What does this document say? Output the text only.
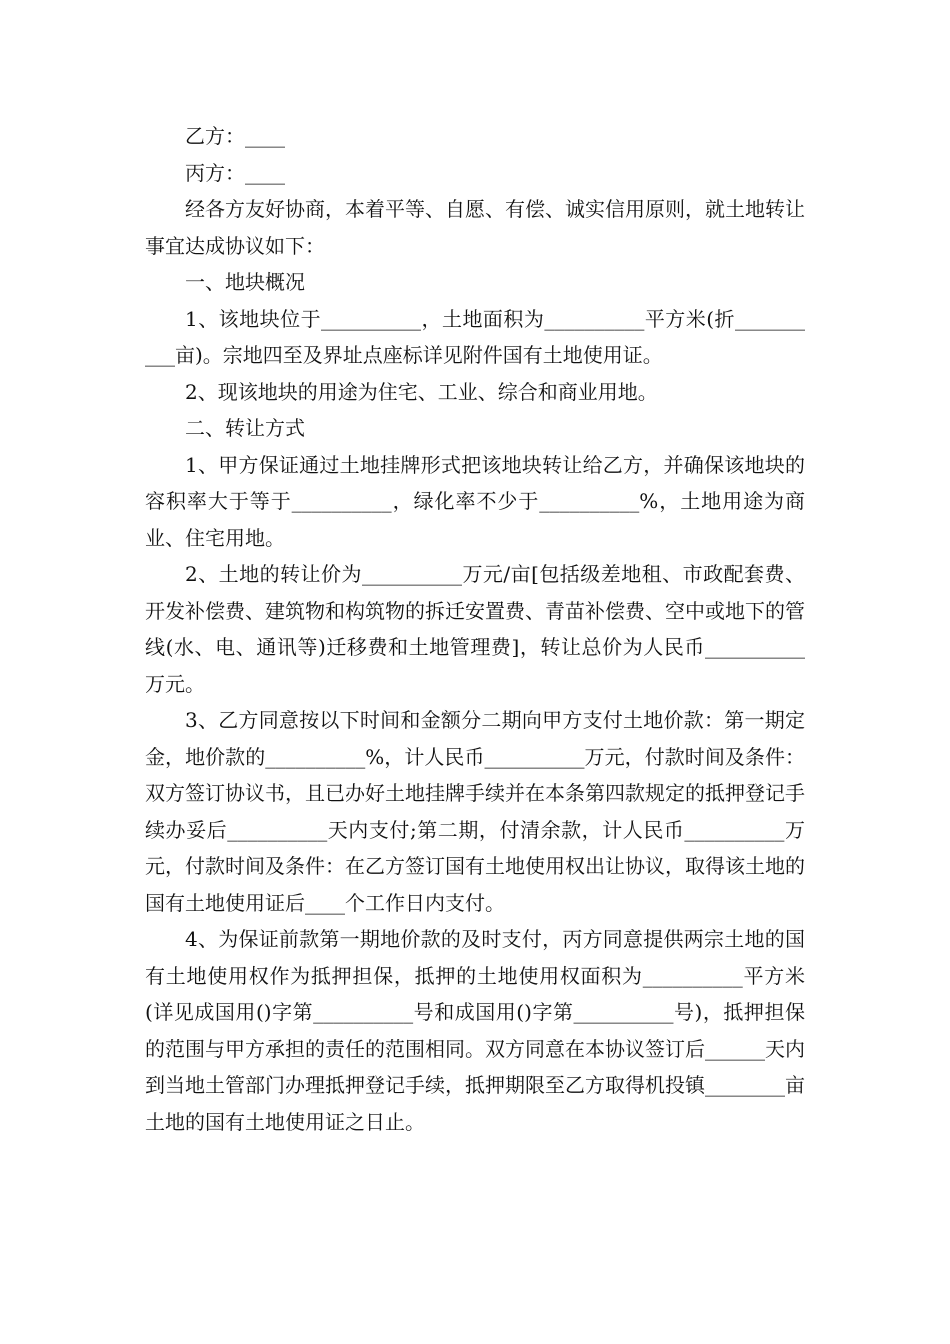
乙方：____

丙方：____

经各方友好协商，本着平等、自愿、有偿、诚实信用原则，就土地转让事宜达成协议如下：

一、地块概况

1、该地块位于__________，土地面积为__________平方米(折__________亩)。宗地四至及界址点座标详见附件国有土地使用证。

2、现该地块的用途为住宅、工业、综合和商业用地。

二、转让方式

1、甲方保证通过土地挂牌形式把该地块转让给乙方，并确保该地块的容积率大于等于__________，绿化率不少于__________%，土地用途为商业、住宅用地。

2、土地的转让价为__________万元/亩[包括级差地租、市政配套费、开发补偿费、建筑物和构筑物的拆迁安置费、青苗补偿费、空中或地下的管线(水、电、通讯等)迁移费和土地管理费]，转让总价为人民币__________万元。

3、乙方同意按以下时间和金额分二期向甲方支付土地价款：第一期定金，地价款的__________%，计人民币__________万元，付款时间及条件：双方签订协议书，且已办好土地挂牌手续并在本条第四款规定的抵押登记手续办妥后__________天内支付;第二期，付清余款，计人民币__________万元，付款时间及条件：在乙方签订国有土地使用权出让协议，取得该土地的国有土地使用证后____个工作日内支付。

4、为保证前款第一期地价款的及时支付，丙方同意提供两宗土地的国有土地使用权作为抵押担保，抵押的土地使用权面积为__________平方米(详见成国用()字第__________号和成国用()字第__________号)，抵押担保的范围与甲方承担的责任的范围相同。双方同意在本协议签订后______天内到当地土管部门办理抵押登记手续，抵押期限至乙方取得机投镇________亩土地的国有土地使用证之日止。
